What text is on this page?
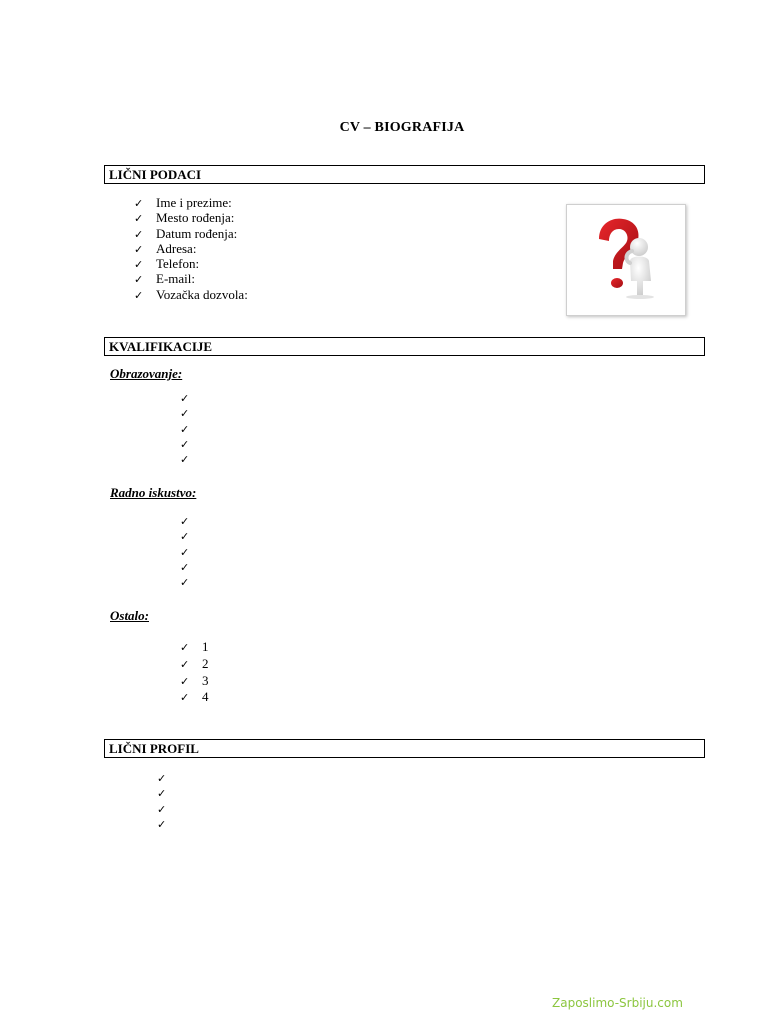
CV – BIOGRAFIJA
LIČNI PODACI
✓ Ime i prezime:
✓ Mesto rođenja:
✓ Datum rođenja:
✓ Adresa:
✓ Telefon:
✓ E-mail:
✓ Vozačka dozvola:
KVALIFIKACIJE
Obrazovanje:
✓
✓
✓
✓
✓
Radno iskustvo:
✓
✓
✓
✓
✓
Ostalo:
✓ 1
✓ 2
✓ 3
✓ 4
LIČNI PROFIL
✓
✓
✓
✓
Zaposlimo-Srbiju.com
